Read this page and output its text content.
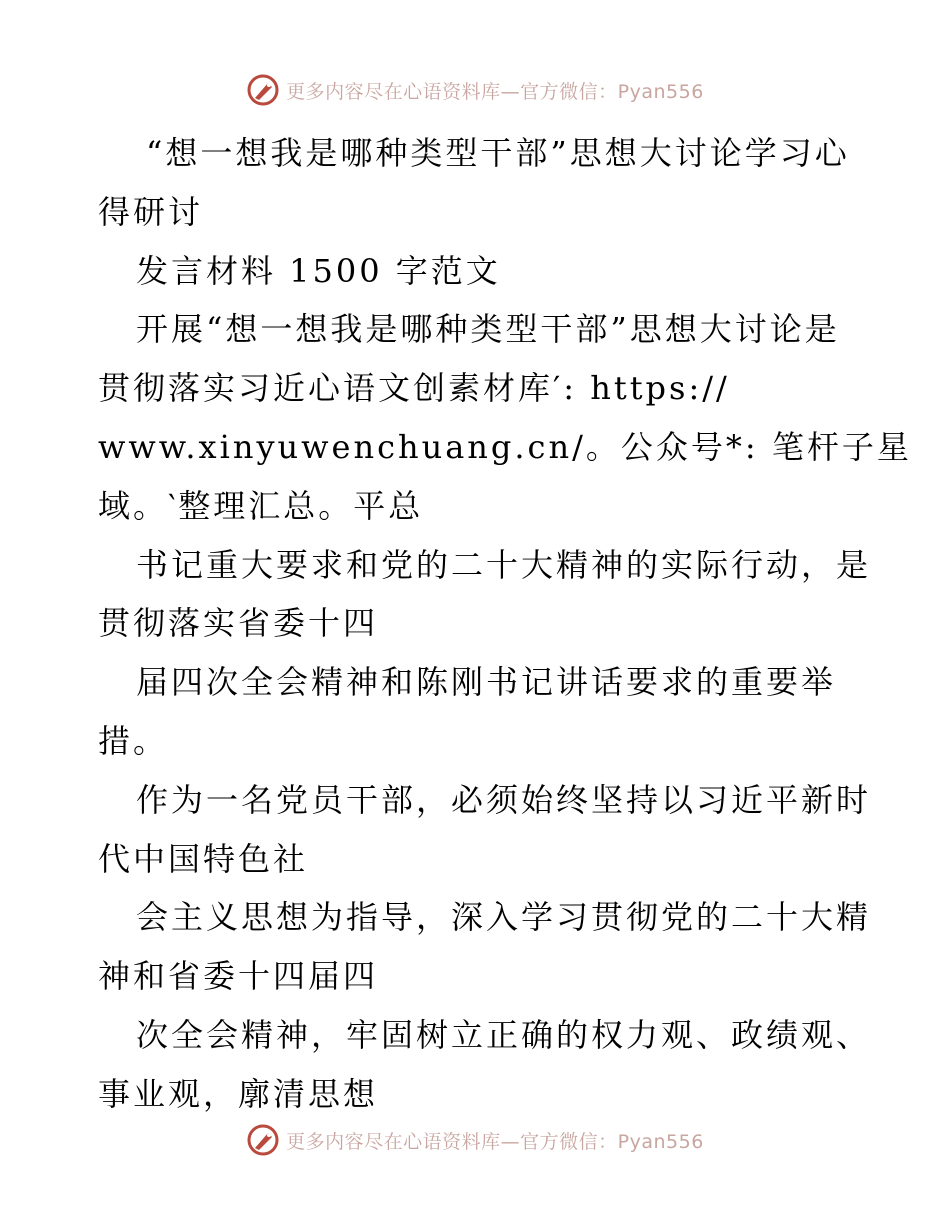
更多内容尽在心语资料库—官方微信：Pyan556
“想一想我是哪种类型干部”思想大讨论学习心
得研讨
发言材料 1500 字范文
开展“想一想我是哪种类型干部”思想大讨论是
贯彻落实习近心语文创素材库′: https://
www.xinyuwenchuang.cn/。公众号*: 笔杆子星
域。‵整理汇总。平总
书记重大要求和党的二十大精神的实际行动，是
贯彻落实省委十四
届四次全会精神和陈刚书记讲话要求的重要举
措。
作为一名党员干部，必须始终坚持以习近平新时
代中国特色社
会主义思想为指导，深入学习贯彻党的二十大精
神和省委十四届四
次全会精神，牢固树立正确的权力观、政绩观、
事业观，廓清思想
更多内容尽在心语资料库—官方微信：Pyan556
